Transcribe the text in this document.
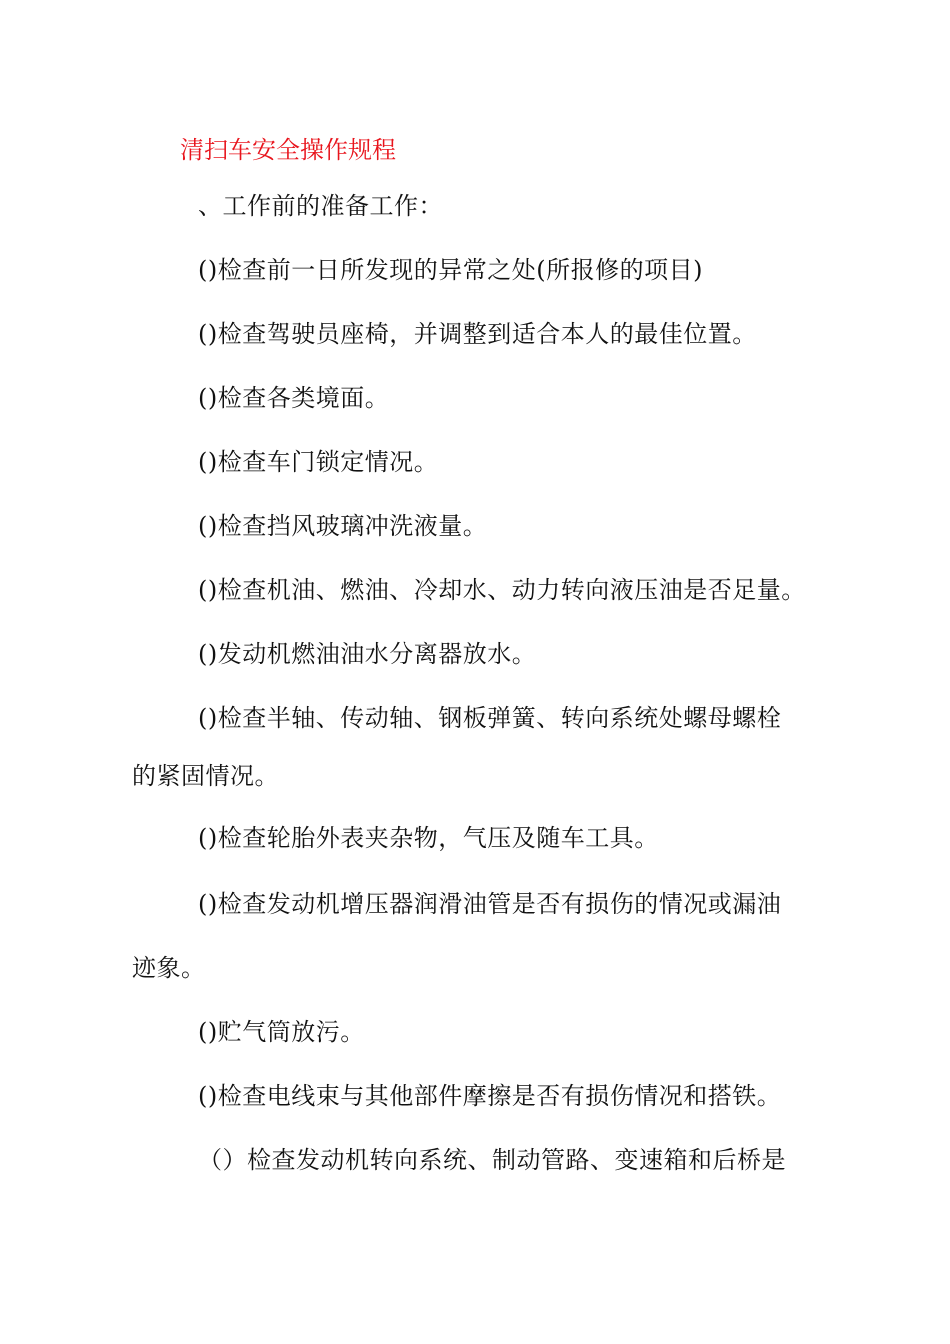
清扫车安全操作规程
、工作前的准备工作：
()检查前一日所发现的异常之处(所报修的项目)
()检查驾驶员座椅，并调整到适合本人的最佳位置。
()检查各类境面。
()检查车门锁定情况。
()检查挡风玻璃冲洗液量。
()检查机油、燃油、冷却水、动力转向液压油是否足量。
()发动机燃油油水分离器放水。
()检查半轴、传动轴、钢板弹簧、转向系统处螺母螺栓
的紧固情况。
()检查轮胎外表夹杂物，气压及随车工具。
()检查发动机增压器润滑油管是否有损伤的情况或漏油
迹象。
()贮气筒放污。
()检查电线束与其他部件摩擦是否有损伤情况和搭铁。
（）检查发动机转向系统、制动管路、变速箱和后桥是
